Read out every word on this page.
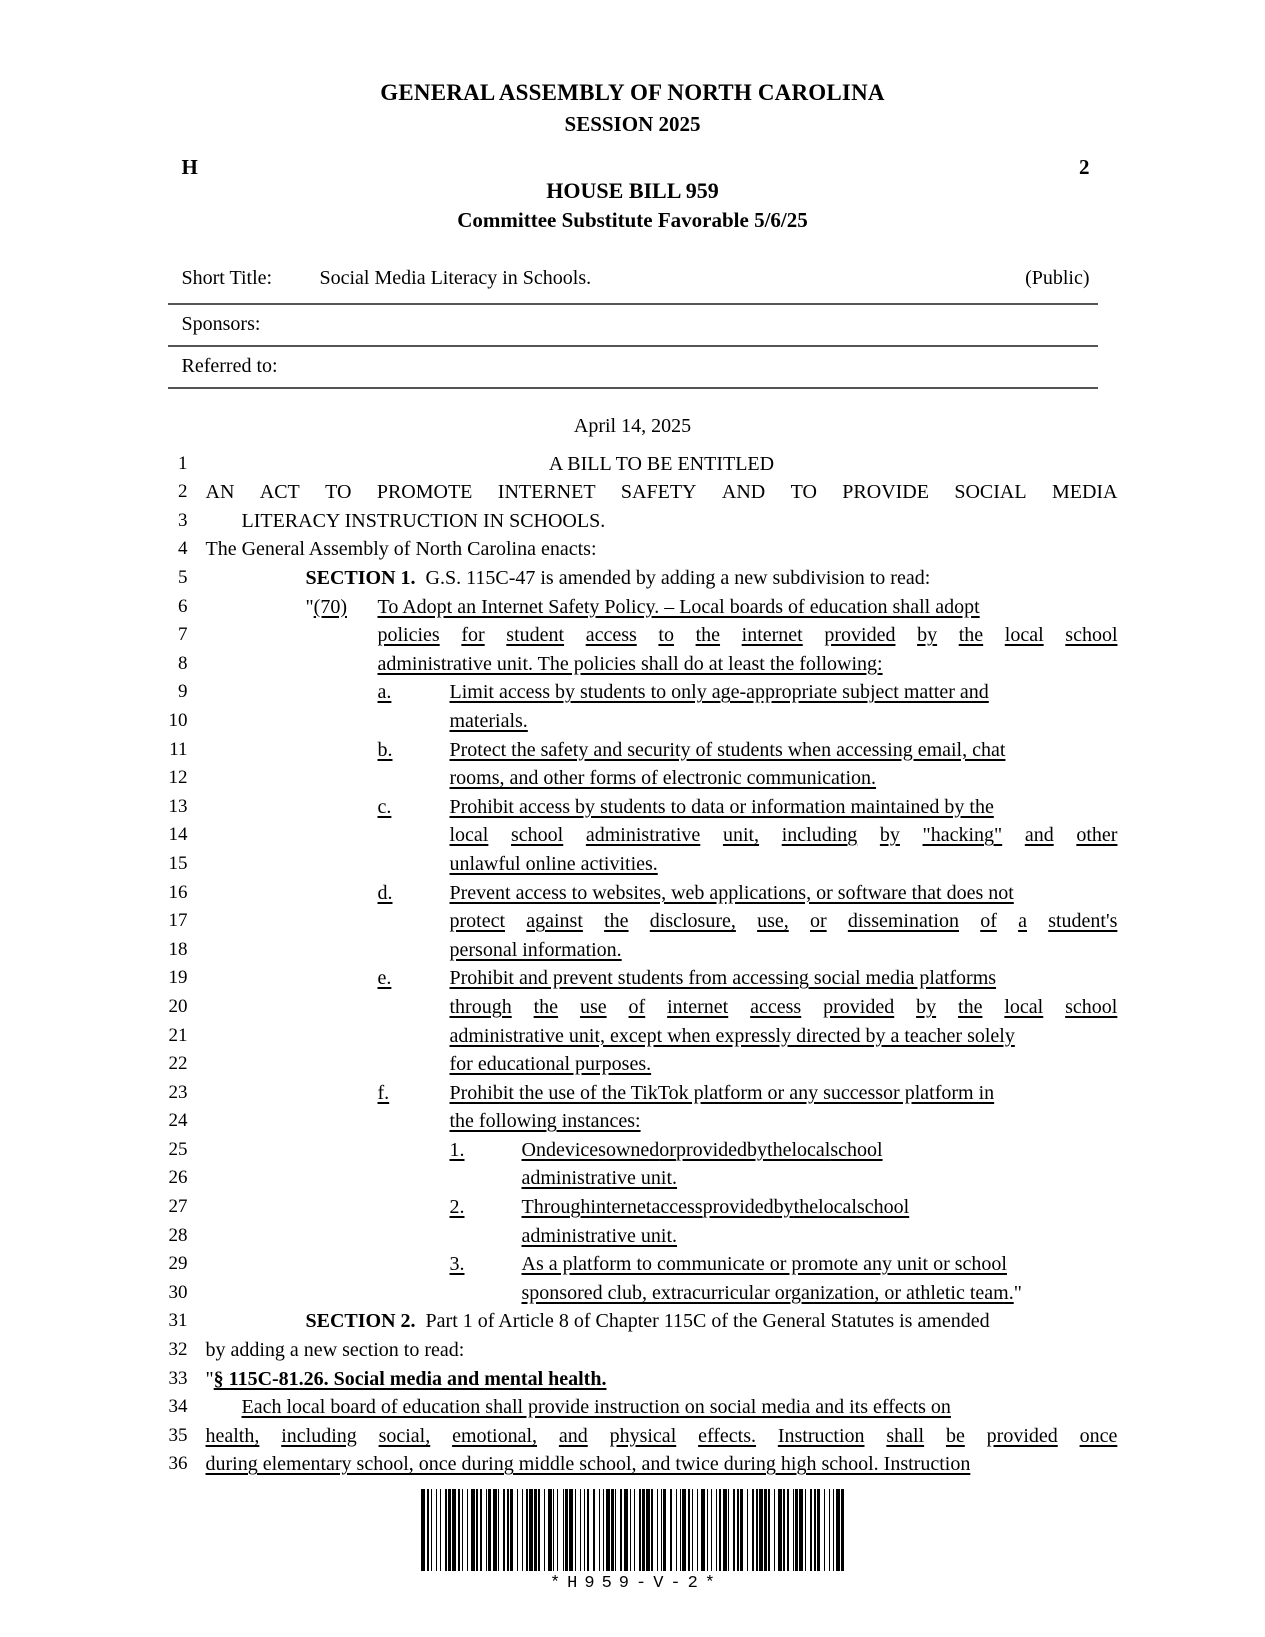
GENERAL ASSEMBLY OF NORTH CAROLINA
SESSION 2025
H	2
HOUSE BILL 959
Committee Substitute Favorable 5/6/25
Short Title: Social Media Literacy in Schools.	(Public)
Sponsors:
Referred to:
April 14, 2025
1	A BILL TO BE ENTITLED
2 AN ACT TO PROMOTE INTERNET SAFETY AND TO PROVIDE SOCIAL MEDIA
3	LITERACY INSTRUCTION IN SCHOOLS.
4 The General Assembly of North Carolina enacts:
5	SECTION 1. G.S. 115C-47 is amended by adding a new subdivision to read:
6	"(70) To Adopt an Internet Safety Policy. – Local boards of education shall adopt
7	policies for student access to the internet provided by the local school
8	administrative unit. The policies shall do at least the following:
9	a.	Limit access by students to only age-appropriate subject matter and
10	materials.
11	b.	Protect the safety and security of students when accessing email, chat
12	rooms, and other forms of electronic communication.
13	c.	Prohibit access by students to data or information maintained by the
14	local school administrative unit, including by "hacking" and other
15	unlawful online activities.
16	d.	Prevent access to websites, web applications, or software that does not
17	protect against the disclosure, use, or dissemination of a student's
18	personal information.
19	e.	Prohibit and prevent students from accessing social media platforms
20	through the use of internet access provided by the local school
21	administrative unit, except when expressly directed by a teacher solely
22	for educational purposes.
23	f.	Prohibit the use of the TikTok platform or any successor platform in
24	the following instances:
25	1.	On devices owned or provided by the local school
26	administrative unit.
27	2.	Through internet access provided by the local school
28	administrative unit.
29	3.	As a platform to communicate or promote any unit or school
30	sponsored club, extracurricular organization, or athletic team."
31	SECTION 2. Part 1 of Article 8 of Chapter 115C of the General Statutes is amended
32 by adding a new section to read:
33 "§ 115C-81.26. Social media and mental health.
34	Each local board of education shall provide instruction on social media and its effects on
35 health, including social, emotional, and physical effects. Instruction shall be provided once
36 during elementary school, once during middle school, and twice during high school. Instruction
*H959-V-2*
